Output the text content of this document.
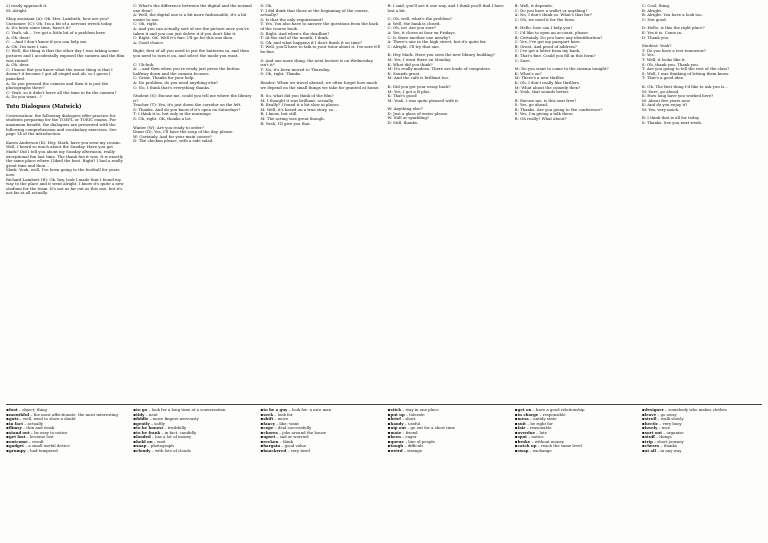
2) ready approach it.

M: Alright.

Shop assistant (A): Ok. Mrs. Lambeth, how are you?

Customer: (C): Oh, I'm a bit of a nervous wreck today.

A: It's been some time, hasn't it?

C: Yeah, uh... I've got a little bit of a problem here.

A: Oh, dear!

C: ...And I don't know if you can help me.

A: Oh, I'm sure I can.

C: Well, the thing is that the other day I was taking some pictures and I accidentally exposed the camera and the film was ruined.

A: Oh, dear.

C: I know. But you know what the worst thing is that I doesn't it became I got all stupid and uh, so I guess I panicked.

A: So you pressed the camera and then it is just the photographs there?

C: Yeah, so it didn't leave all the time to fix the camera?

A: Do you want...?

Tutu Dialogues (Matwick)

Conversation: the following dialogues offer practice for students preparing for the TOEFL or TOEIC exams. For maximum benefit, the dialogues are presented with the following comprehension and vocabulary exercises. See page 14 of the introduction.

Karen Anderson (K): Hey, Mark, have you seen my cousin. Well, I heard so much about the Sunday. Have you got Mark? Did I tell you about my Sunday afternoon, really exceptional fun last time. The thank fun it was. It is exactly the same place where I liked the best. Right? I had a really great time and then...

Mark: Yeah, well, I've been going to the football for years now.

Richard Lambert (R): Ok, hey, look I made that I found my way to the place and it went alright. I know it's quite a new stadium for the team. It's not as far out as this one, but it's not far at all actually.

C: What's the difference between the digital and the normal one then?

A: Well, the digital one is a bit more fashionable, it's a bit easier to use.

C: Oh, right.

A: And you can actually sort of see the picture once you've taken it and you can just delete it if you don't like it.

C: Right. OK. Well it's fine. I'll go for this one then.

A: Good choice.

Right, first of all you need to put the batteries in, and then you need to turn it on, and select the mode you want.

C: Uh-huh.

A: ...and then when you're ready just press the button halfway down and the camera focuses.

C: Great. Thanks for your help.

A: No problem, do you need anything else?

C: No, I think that's everything thanks.

Student (S): Excuse me, could you tell me where the library is?

Teacher (T): Yes, it's just down the corridor on the left.

S: Thanks. And do you know if it's open on Saturdays?

T: I think it is, but only in the mornings.

S: Oh, right. OK, thanks a lot.

Waiter (W): Are you ready to order?

Diner (D): Yes, I'll have the soup of the day, please.

W: Certainly. And for your main course?

D: The chicken please, with a side salad.

S: Ok.

T: I did think that those at the beginning of the course, actually?

S: Is that the only requirement?

T: Yes. You also have to answer the questions from the back of the course book.

S: Right. And when's the deadline?

T: At the end of the month, I think.

S: Ok, and what happens if I don't finish it on time?

T: Well, you'll have to talk to your tutor about it. I'm sure it'll be fine.

S: And one more thing, the next lecture is on Wednesday, isn't it?

T: No, it's been moved to Thursday.

S: Oh, right. Thanks.

Reader: When we travel abroad, we often forget how much we depend on the small things we take for granted at home.

R: So, what did you think of the film?

M: I thought it was brilliant, actually.

R: Really? I found it a bit slow in places.

M: Well, it's based on a true story, so...

R: I know, but still.

M: The acting was great though.

R: Yeah, I'll give you that.

R: I said, you'll see it one way, and I think you'll find I have lost a bit.

C: Oh, well, what's the problem?

A: Well, the bank is closed.

C: Oh, no! Are you sure?

A: Yes, it closes at four on Fridays.

C: Is there another one nearby?

A: There's one in the high street, but it's quite far.

C: Alright. I'll try that one.

K: Hey Mark. Have you seen the new library building?

M: Yes, I went there on Monday.

K: What did you think?

M: It's really modern. There are loads of computers.

K: Sounds great.

M: And the café is brilliant too.

K: Did you get your essay back?

M: Yes, I got a B plus.

K: That's good!

M: Yeah, I was quite pleased with it.

W: Anything else?

D: Just a glass of water please.

W: Still or sparkling?

D: Still, thanks.

B: Well, it depends.

C: Do you have a wallet or anything?

A: No, I don't think so. What's that for?

C: Oh, we need it for the form.

B: Hello, how can I help you?

C: I'd like to open an account, please.

B: Certainly. Do you have any identification?

C: Yes, I've got my passport here.

B: Great. And proof of address?

C: I've got a letter from my bank.

B: That's fine. Could you fill in this form?

C: Sure.

M: Do you want to come to the cinema tonight?

K: What's on?

M: There's a new thriller.

K: Oh, I don't really like thrillers.

M: What about the comedy then?

K: Yeah, that sounds better.

R: Excuse me, is this seat free?

S: Yes, go ahead.

R: Thanks. Are you going to the conference?

S: Yes, I'm giving a talk there.

R: Oh really? What about?

C: Cool, thing.

B: Alright.

B: Alright. You have a look too.

C: Not good.

D: Hello, is this the right place?

E: Yes it is. Come in.

D: Thank you.

Student: Yeah?

T: Do you have a test tomorrow?

S: Yes.

T: Well, it looks like it.

S: Oh, thank you. Thank you.

T: Are you going to tell the rest of the class?

S: Well, I was thinking of letting them know.

T: That's a good idea.

K: Oh. The first thing I'd like to ask you is...

M: Sure, go ahead.

K: How long have you worked here?

M: About five years now.

K: And do you enjoy it?

M: Yes, very much.

R: I think that is all for today.

S: Thanks. See you next week.

▪foot – object; thing

▪mouthful – the most affectionate, the most interesting

▪guts – well, used to show a doubt

▪in fact – actually

▪flimsy – thin and weak

▪stand out – be easy to notice

▪get lost – become lost

▪outcome – result

▪gadget – a small useful device

▪grumpy – bad-tempered

▪to go – look for a long time at a conversation

▪tidy – neat

▪fiddle – move fingers nervously

▪gently – softly

▪to be honest – truthfully

▪to be frank – in fact, candidly

▪loaded – has a lot of money

▪hold on – wait

▪snap – photograph

▪cloudy – with lots of clouds

▪to be a guy – look for: a nice man

▪seek – look for

▪shift – move

▪fancy – like; want

▪cope – deal successfully

▪chores – jobs around the house

▪upset – sad or worried

▪reckon – think

▪bargain – good value

▪knackered – very tired

▪stick – stay in one place

▪put up – tolerate

▪brief – short

▪handy – useful

▪nip out – go out for a short time

▪mate – friend

▪keen – eager

▪queue – line of people

▪tough – difficult

▪weird – strange

▪get on – have a good relationship

▪in charge – responsible

▪mess – untidy state

▪suit – be right for

▪fair – reasonable

▪overdue – late

▪spot – notice

▪broke – without money

▪catch up – reach the same level

▪swap – exchange

▪designer – somebody who makes clothes

▪leave – go away

▪stroll – walk slowly

▪hectic – very busy

▪lovely – nice

▪sort out – organise

▪stuff – things

▪trip – short journey

▪cheers – thanks

▪at all – in any way
